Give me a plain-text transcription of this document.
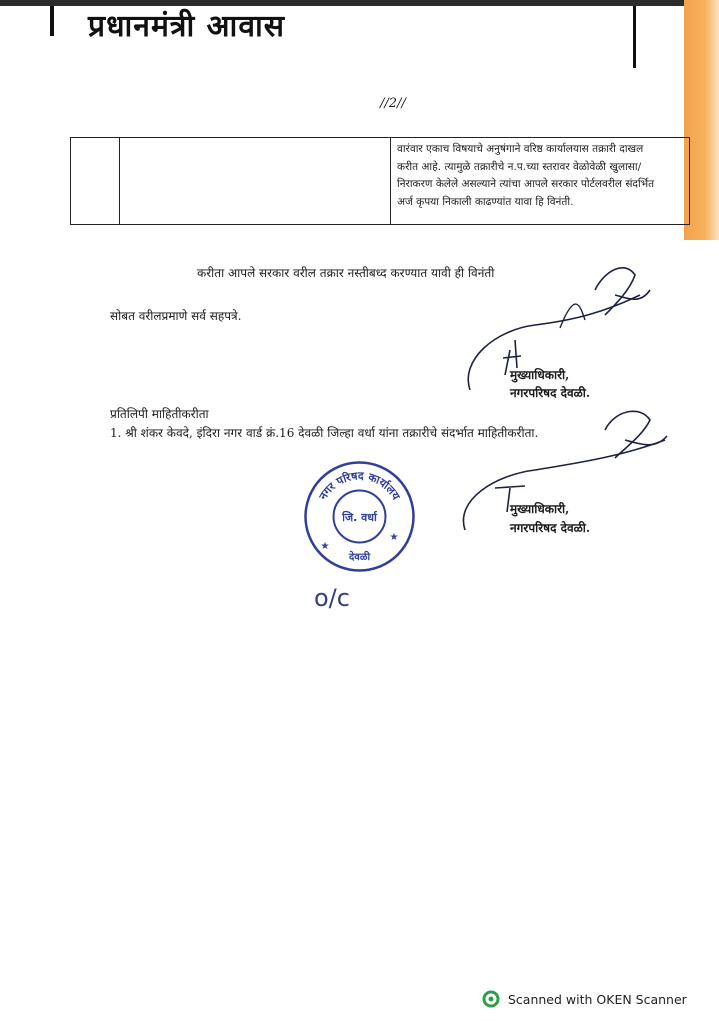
प्रधानमंत्री आवास
//2//

वारंवार एकाच विषयाचे अनुषंगाने वरिष्ठ कार्यालयास तक्रारी दाखल
करीत आहे. त्यामुळे तक्रारीचे न.प.च्या स्तरावर वेळोवेळी खुलासा/
निराकरण केलेले असल्याने त्यांचा आपले सरकार पोर्टलवरील संदर्भित
अर्ज कृपया निकाली काढण्यांत यावा हि विनंती.
करीता आपले सरकार वरील तक्रार नस्तीबध्द करण्यात यावी ही विनंती
सोबत वरीलप्रमाणे सर्व सहपत्रे.
मुख्याधिकारी,
नगरपरिषद देवळी.
प्रतिलिपी माहितीकरीता
1. श्री शंकर केवदे, इंदिरा नगर वार्ड क्रं.16 देवळी जिल्हा वर्धा यांना तक्रारीचे संदर्भात माहितीकरीता.
मुख्याधिकारी,
नगरपरिषद देवळी.
नगर परिषद कार्यालय
जि. वर्धा
देवळी
★
★
o/c
Scanned with OKEN Scanner
